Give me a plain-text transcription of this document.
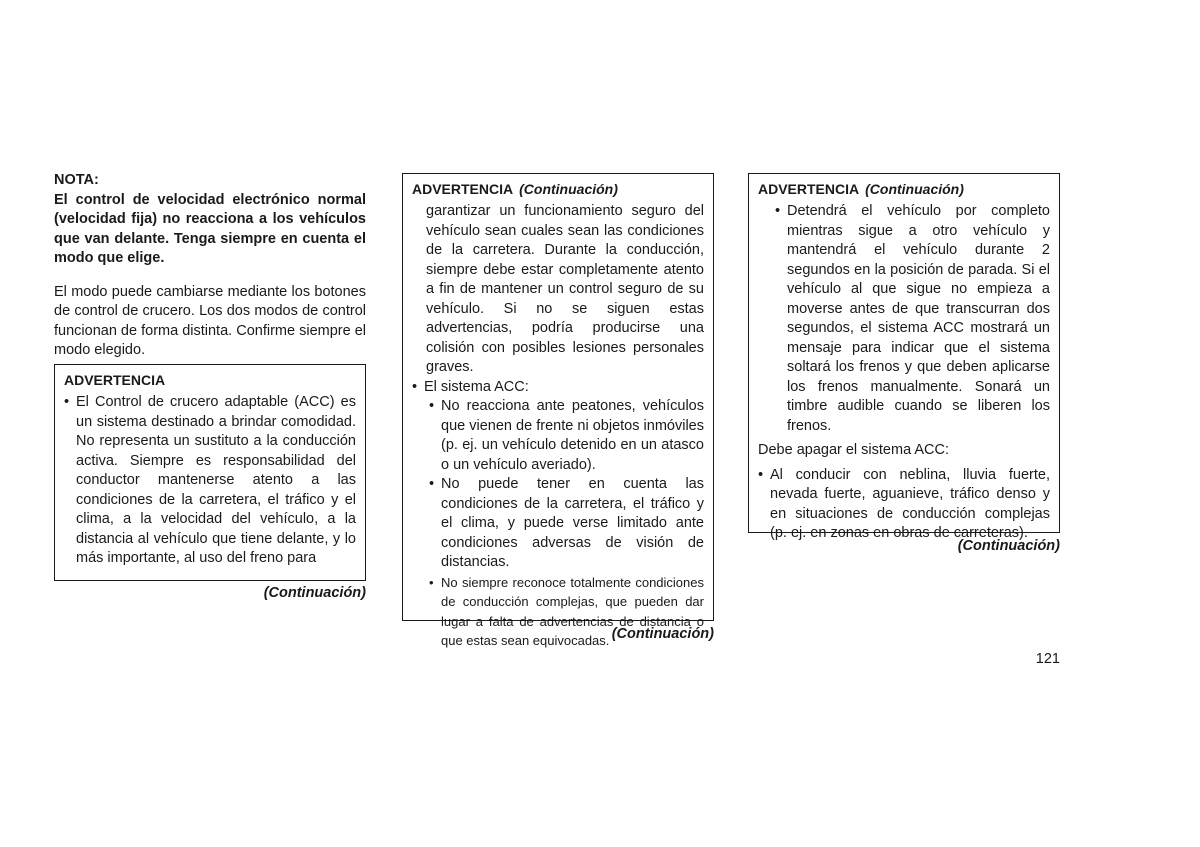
NOTA:
El control de velocidad electrónico normal (velocidad fija) no reacciona a los vehículos que van delante. Tenga siempre en cuenta el modo que elige.
El modo puede cambiarse mediante los botones de control de crucero. Los dos modos de control funcionan de forma distinta. Confirme siempre el modo elegido.
ADVERTENCIA
• El Control de crucero adaptable (ACC) es un sistema destinado a brindar comodidad. No representa un sustituto a la conducción activa. Siempre es responsabilidad del conductor mantenerse atento a las condiciones de la carretera, el tráfico y el clima, a la velocidad del vehículo, a la distancia al vehículo que tiene delante, y lo más importante, al uso del freno para
(Continuación)
ADVERTENCIA (Continuación)
garantizar un funcionamiento seguro del vehículo sean cuales sean las condiciones de la carretera. Durante la conducción, siempre debe estar completamente atento a fin de mantener un control seguro de su vehículo. Si no se siguen estas advertencias, podría producirse una colisión con posibles lesiones personales graves.
• El sistema ACC:
• No reacciona ante peatones, vehículos que vienen de frente ni objetos inmóviles (p. ej. un vehículo detenido en un atasco o un vehículo averiado).
• No puede tener en cuenta las condiciones de la carretera, el tráfico y el clima, y puede verse limitado ante condiciones adversas de visión de distancias.
• No siempre reconoce totalmente condiciones de conducción complejas, que pueden dar lugar a falta de advertencias de distancia o que estas sean equivocadas. (Continuación)
ADVERTENCIA (Continuación)
• Detendrá el vehículo por completo mientras sigue a otro vehículo y mantendrá el vehículo durante 2 segundos en la posición de parada. Si el vehículo al que sigue no empieza a moverse antes de que transcurran dos segundos, el sistema ACC mostrará un mensaje para indicar que el sistema soltará los frenos y que deben aplicarse los frenos manualmente. Sonará un timbre audible cuando se liberen los frenos.
Debe apagar el sistema ACC:
• Al conducir con neblina, lluvia fuerte, nevada fuerte, aguanieve, tráfico denso y en situaciones de conducción complejas (p. ej. en zonas en obras de carreteras).
(Continuación)
121
